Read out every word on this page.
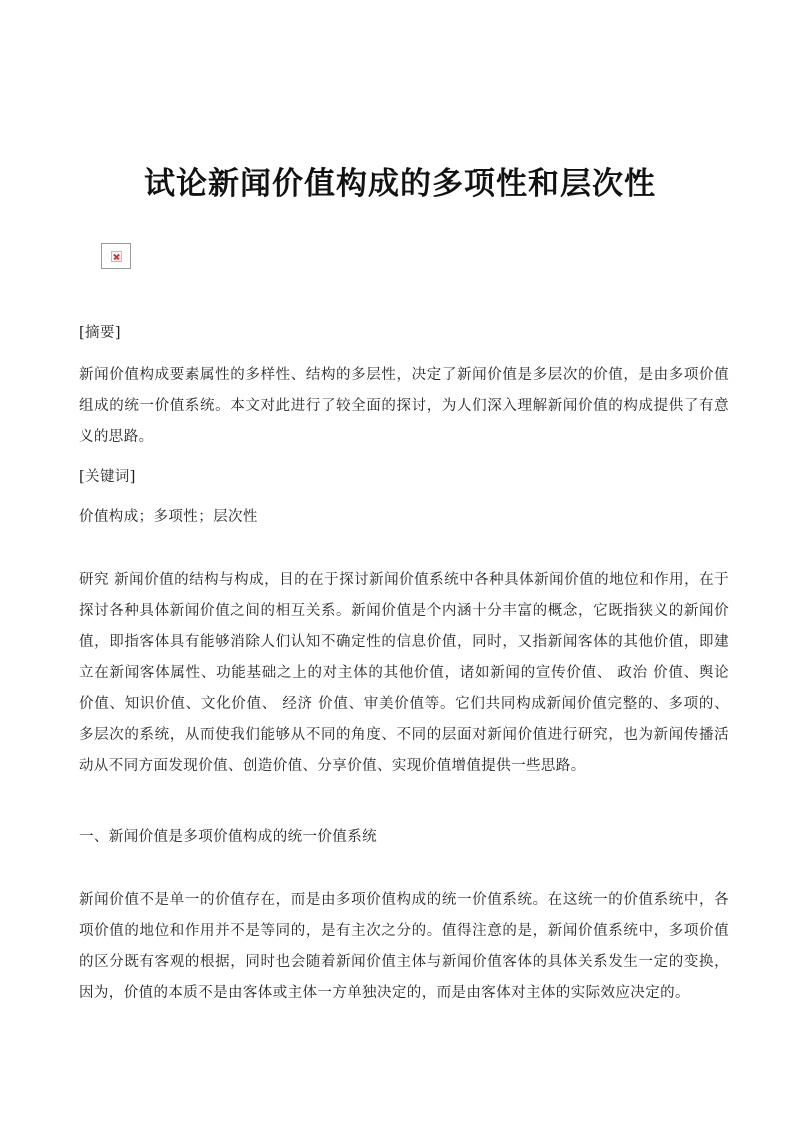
试论新闻价值构成的多项性和层次性

[摘要]

新闻价值构成要素属性的多样性、结构的多层性，决定了新闻价值是多层次的价值，是由多项价值组成的统一价值系统。本文对此进行了较全面的探讨，为人们深入理解新闻价值的构成提供了有意义的思路。

[关键词]

价值构成；多项性；层次性

研究 新闻价值的结构与构成，目的在于探讨新闻价值系统中各种具体新闻价值的地位和作用，在于探讨各种具体新闻价值之间的相互关系。新闻价值是个内涵十分丰富的概念，它既指狭义的新闻价值，即指客体具有能够消除人们认知不确定性的信息价值，同时，又指新闻客体的其他价值，即建立在新闻客体属性、功能基础之上的对主体的其他价值，诸如新闻的宣传价值、 政治 价值、舆论价值、知识价值、文化价值、 经济 价值、审美价值等。它们共同构成新闻价值完整的、多项的、多层次的系统，从而使我们能够从不同的角度、不同的层面对新闻价值进行研究，也为新闻传播活动从不同方面发现价值、创造价值、分享价值、实现价值增值提供一些思路。

一、新闻价值是多项价值构成的统一价值系统

新闻价值不是单一的价值存在，而是由多项价值构成的统一价值系统。在这统一的价值系统中，各项价值的地位和作用并不是等同的，是有主次之分的。值得注意的是，新闻价值系统中，多项价值的区分既有客观的根据，同时也会随着新闻价值主体与新闻价值客体的具体关系发生一定的变换，因为，价值的本质不是由客体或主体一方单独决定的，而是由客体对主体的实际效应决定的。
